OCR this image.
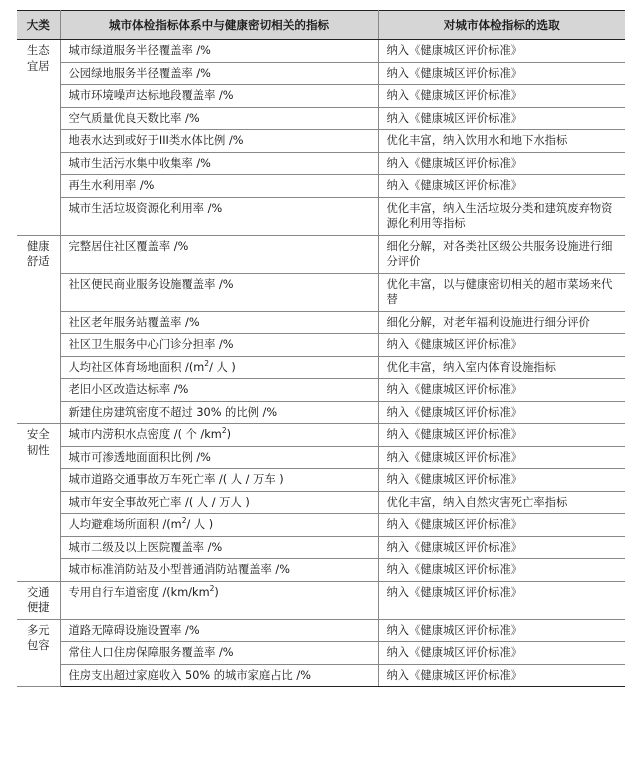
大类	城市体检指标体系中与健康密切相关的指标	对城市体检指标的选取
生态
宜居	城市绿道服务半径覆盖率 /%	纳入《健康城区评价标准》
	公园绿地服务半径覆盖率 /%	纳入《健康城区评价标准》
	城市环境噪声达标地段覆盖率 /%	纳入《健康城区评价标准》
	空气质量优良天数比率 /%	纳入《健康城区评价标准》
	地表水达到或好于III类水体比例 /%	优化丰富，纳入饮用水和地下水指标
	城市生活污水集中收集率 /%	纳入《健康城区评价标准》
	再生水利用率 /%	纳入《健康城区评价标准》
	城市生活垃圾资源化利用率 /%	优化丰富，纳入生活垃圾分类和建筑废弃物资源化利用等指标
健康
舒适	完整居住社区覆盖率 /%	细化分解，对各类社区级公共服务设施进行细分评价
	社区便民商业服务设施覆盖率 /%	优化丰富，以与健康密切相关的超市菜场来代替
	社区老年服务站覆盖率 /%	细化分解，对老年福利设施进行细分评价
	社区卫生服务中心门诊分担率 /%	纳入《健康城区评价标准》
	人均社区体育场地面积 $/(m^2/$ 人 )	优化丰富，纳入室内体育设施指标
	老旧小区改造达标率 /%	纳入《健康城区评价标准》
	新建住房建筑密度不超过 30% 的比例 /%	纳入《健康城区评价标准》
安全
韧性	城市内涝积水点密度 /( 个 $/km^2$)	纳入《健康城区评价标准》
	城市可渗透地面面积比例 /%	纳入《健康城区评价标准》
	城市道路交通事故万车死亡率 /( 人 / 万车 )	纳入《健康城区评价标准》
	城市年安全事故死亡率 /( 人 / 万人 )	优化丰富，纳入自然灾害死亡率指标
	人均避难场所面积 $/(m^2/$ 人 )	纳入《健康城区评价标准》
	城市二级及以上医院覆盖率 /%	纳入《健康城区评价标准》
	城市标准消防站及小型普通消防站覆盖率 /%	纳入《健康城区评价标准》
交通
便捷	专用自行车道密度 $/(km/km^2)$	纳入《健康城区评价标准》
多元
包容	道路无障碍设施设置率 /%	纳入《健康城区评价标准》
	常住人口住房保障服务覆盖率 /%	纳入《健康城区评价标准》
	住房支出超过家庭收入 50% 的城市家庭占比 /%	纳入《健康城区评价标准》
